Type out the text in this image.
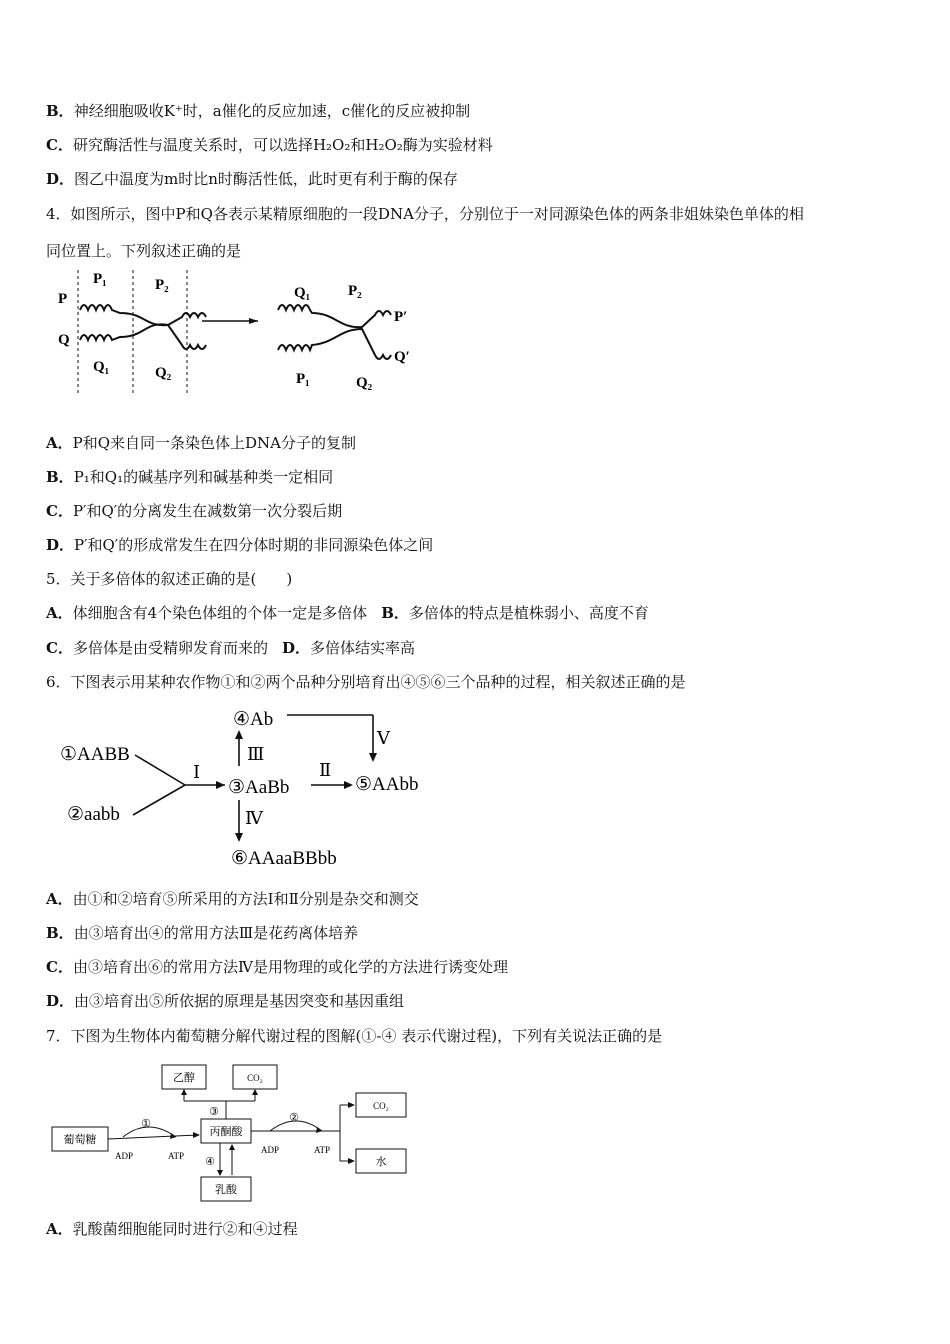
B．神经细胞吸收K⁺时，a催化的反应加速，c催化的反应被抑制
C．研究酶活性与温度关系时，可以选择H₂O₂和H₂O₂酶为实验材料
D．图乙中温度为m时比n时酶活性低，此时更有利于酶的保存
4．如图所示，图中P和Q各表示某精原细胞的一段DNA分子，分别位于一对同源染色体的两条非姐妹染色单体的相
同位置上。下列叙述正确的是
P
Q
P₁	P₂
Q₁	Q₂
Q₁	P₂
P′
Q′
P₁	Q₂
A．P和Q来自同一条染色体上DNA分子的复制
B．P₁和Q₁的碱基序列和碱基种类一定相同
C．P′和Q′的分离发生在减数第一次分裂后期
D．P′和Q′的形成常发生在四分体时期的非同源染色体之间
5．关于多倍体的叙述正确的是(　　)
A．体细胞含有4个染色体组的个体一定是多倍体 B．多倍体的特点是植株弱小、高度不育
C．多倍体是由受精卵发育而来的 D．多倍体结实率高
6．下图表示用某种农作物①和②两个品种分别培育出④⑤⑥三个品种的过程，相关叙述正确的是
①AABB
②aabb
Ⅰ
③AaBb
④Ab
Ⅲ
Ⅴ
Ⅱ
⑤AAbb
Ⅳ
⑥AAaaBBbb
A．由①和②培育⑤所采用的方法Ⅰ和Ⅱ分别是杂交和测交
B．由③培育出④的常用方法Ⅲ是花药离体培养
C．由③培育出⑥的常用方法Ⅳ是用物理的或化学的方法进行诱变处理
D．由③培育出⑤所依据的原理是基因突变和基因重组
7．下图为生物体内葡萄糖分解代谢过程的图解(①-④ 表示代谢过程)，下列有关说法正确的是
乙醇	CO₂
葡萄糖
丙酮酸
CO₂
水
乳酸
①
ADP	ATP
③	②
ADP	ATP
④
A．乳酸菌细胞能同时进行②和④过程
